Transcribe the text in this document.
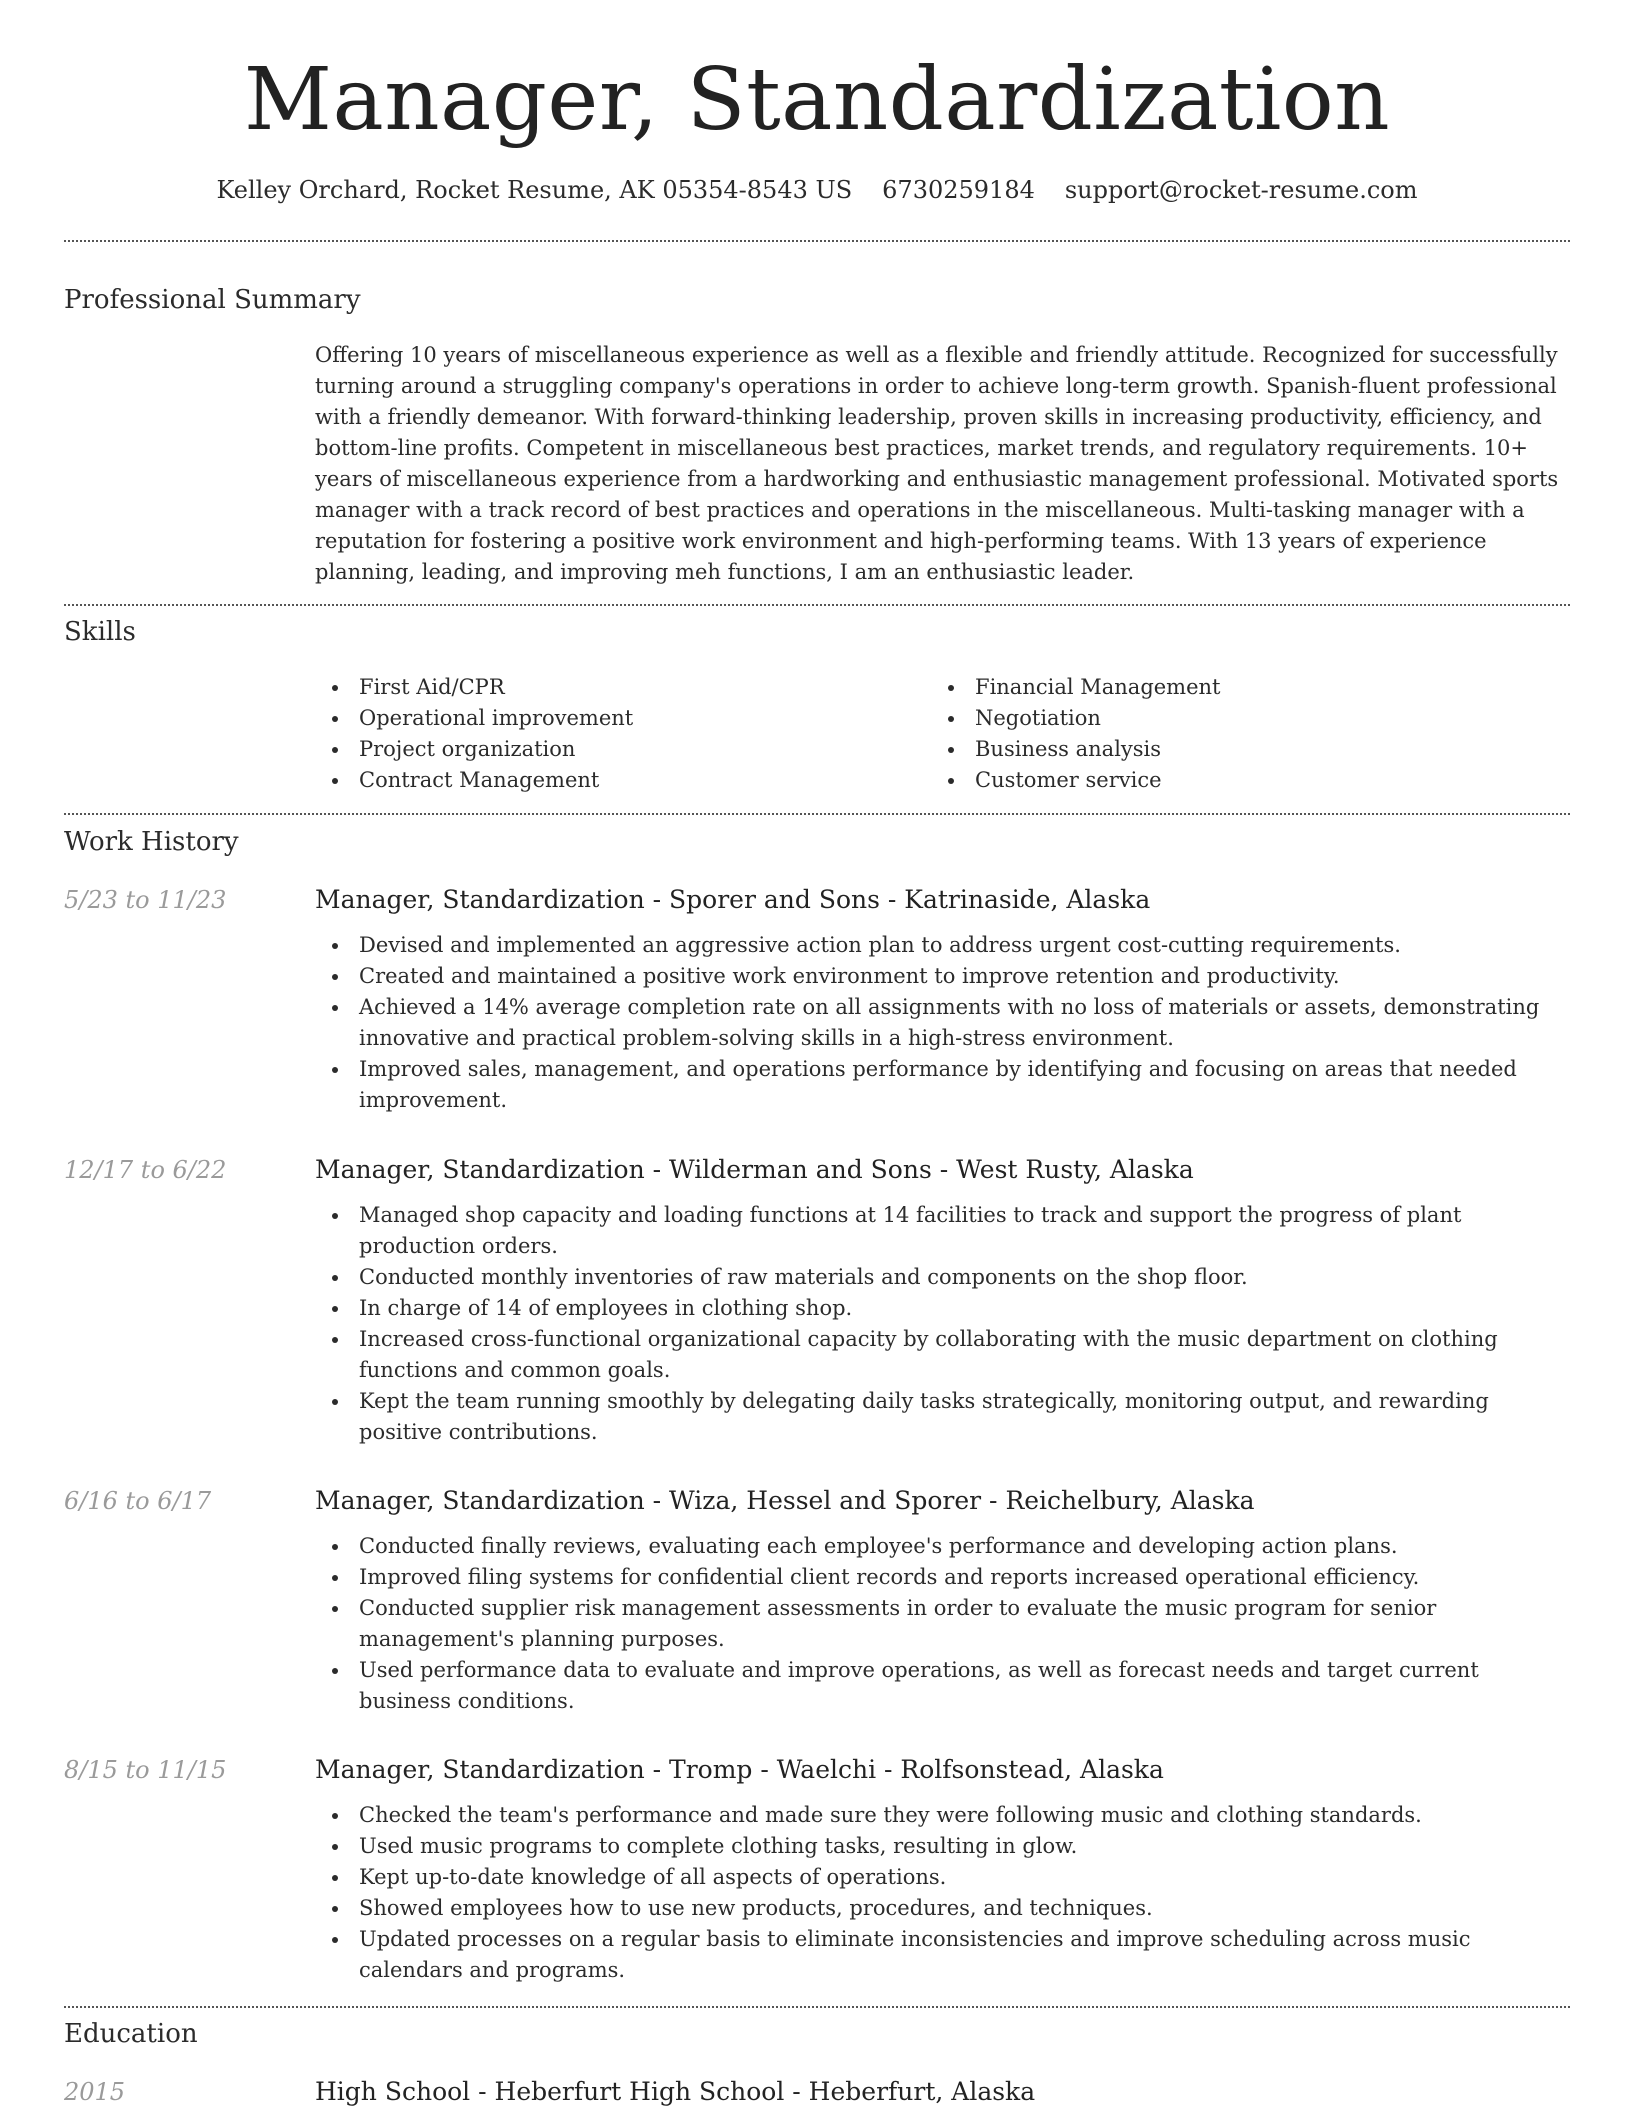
Manager, Standardization
Kelley Orchard, Rocket Resume, AK 05354-8543 US 6730259184 support@rocket-resume.com
Professional Summary
Offering 10 years of miscellaneous experience as well as a flexible and friendly attitude. Recognized for successfully turning around a struggling company's operations in order to achieve long-term growth. Spanish-fluent professional with a friendly demeanor. With forward-thinking leadership, proven skills in increasing productivity, efficiency, and bottom-line profits. Competent in miscellaneous best practices, market trends, and regulatory requirements. 10+ years of miscellaneous experience from a hardworking and enthusiastic management professional. Motivated sports manager with a track record of best practices and operations in the miscellaneous. Multi-tasking manager with a reputation for fostering a positive work environment and high-performing teams. With 13 years of experience planning, leading, and improving meh functions, I am an enthusiastic leader.
Skills
First Aid/CPR
Operational improvement
Project organization
Contract Management
Financial Management
Negotiation
Business analysis
Customer service
Work History
5/23 to 11/23	Manager, Standardization - Sporer and Sons - Katrinaside, Alaska
Devised and implemented an aggressive action plan to address urgent cost-cutting requirements.
Created and maintained a positive work environment to improve retention and productivity.
Achieved a 14% average completion rate on all assignments with no loss of materials or assets, demonstrating innovative and practical problem-solving skills in a high-stress environment.
Improved sales, management, and operations performance by identifying and focusing on areas that needed improvement.
12/17 to 6/22	Manager, Standardization - Wilderman and Sons - West Rusty, Alaska
Managed shop capacity and loading functions at 14 facilities to track and support the progress of plant production orders.
Conducted monthly inventories of raw materials and components on the shop floor.
In charge of 14 of employees in clothing shop.
Increased cross-functional organizational capacity by collaborating with the music department on clothing functions and common goals.
Kept the team running smoothly by delegating daily tasks strategically, monitoring output, and rewarding positive contributions.
6/16 to 6/17	Manager, Standardization - Wiza, Hessel and Sporer - Reichelbury, Alaska
Conducted finally reviews, evaluating each employee's performance and developing action plans.
Improved filing systems for confidential client records and reports increased operational efficiency.
Conducted supplier risk management assessments in order to evaluate the music program for senior management's planning purposes.
Used performance data to evaluate and improve operations, as well as forecast needs and target current business conditions.
8/15 to 11/15	Manager, Standardization - Tromp - Waelchi - Rolfsonstead, Alaska
Checked the team's performance and made sure they were following music and clothing standards.
Used music programs to complete clothing tasks, resulting in glow.
Kept up-to-date knowledge of all aspects of operations.
Showed employees how to use new products, procedures, and techniques.
Updated processes on a regular basis to eliminate inconsistencies and improve scheduling across music calendars and programs.
Education
2015	High School - Heberfurt High School - Heberfurt, Alaska
